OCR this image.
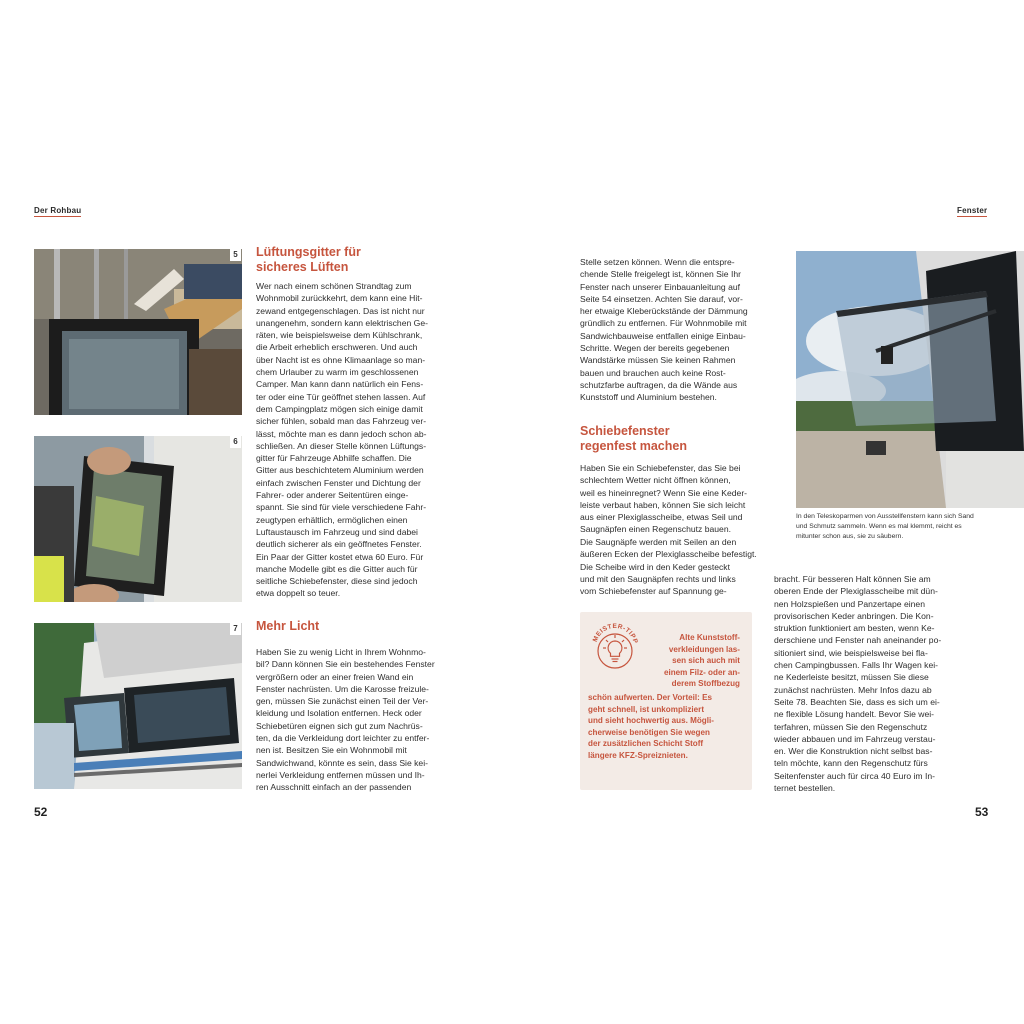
Der Rohbau
5
6
7

Lüftungsgitter für
sicheres Lüften

Wer nach einem schönen Strandtag zum
Wohnmobil zurückkehrt, dem kann eine Hit-
zewand entgegenschlagen. Das ist nicht nur
unangenehm, sondern kann elektrischen Ge-
räten, wie beispielsweise dem Kühlschrank,
die Arbeit erheblich erschweren. Und auch
über Nacht ist es ohne Klimaanlage so man-
chem Urlauber zu warm im geschlossenen
Camper. Man kann dann natürlich ein Fens-
ter oder eine Tür geöffnet stehen lassen. Auf
dem Campingplatz mögen sich einige damit
sicher fühlen, sobald man das Fahrzeug ver-
lässt, möchte man es dann jedoch schon ab-
schließen. An dieser Stelle können Lüftungs-
gitter für Fahrzeuge Abhilfe schaffen. Die
Gitter aus beschichtetem Aluminium werden
einfach zwischen Fenster und Dichtung der
Fahrer- oder anderer Seitentüren einge-
spannt. Sie sind für viele verschiedene Fahr-
zeugtypen erhältlich, ermöglichen einen
Luftaustausch im Fahrzeug und sind dabei
deutlich sicherer als ein geöffnetes Fenster.
Ein Paar der Gitter kostet etwa 60 Euro. Für
manche Modelle gibt es die Gitter auch für
seitliche Schiebefenster, diese sind jedoch
etwa doppelt so teuer.

Mehr Licht

Haben Sie zu wenig Licht in Ihrem Wohnmo-
bil? Dann können Sie ein bestehendes Fenster
vergrößern oder an einer freien Wand ein
Fenster nachrüsten. Um die Karosse freizule-
gen, müssen Sie zunächst einen Teil der Ver-
kleidung und Isolation entfernen. Heck oder
Schiebetüren eignen sich gut zum Nachrüs-
ten, da die Verkleidung dort leichter zu entfer-
nen ist. Besitzen Sie ein Wohnmobil mit
Sandwichwand, könnte es sein, dass Sie kei-
nerlei Verkleidung entfernen müssen und Ih-
ren Ausschnitt einfach an der passenden

52
Fenster

Stelle setzen können. Wenn die entspre-
chende Stelle freigelegt ist, können Sie Ihr
Fenster nach unserer Einbauanleitung auf
Seite 54 einsetzen. Achten Sie darauf, vor-
her etwaige Kleberückstände der Dämmung
gründlich zu entfernen. Für Wohnmobile mit
Sandwichbauweise entfallen einige Einbau-
Schritte. Wegen der bereits gegebenen
Wandstärke müssen Sie keinen Rahmen
bauen und brauchen auch keine Rost-
schutzfarbe auftragen, da die Wände aus
Kunststoff und Aluminium bestehen.

Schiebefenster
regenfest machen

Haben Sie ein Schiebefenster, das Sie bei
schlechtem Wetter nicht öffnen können,
weil es hineinregnet? Wenn Sie eine Keder-
leiste verbaut haben, können Sie sich leicht
aus einer Plexiglasscheibe, etwas Seil und
Saugnäpfen einen Regenschutz bauen.

Die Saugnäpfe werden mit Seilen an den
äußeren Ecken der Plexiglasscheibe befestigt.
Die Scheibe wird in den Keder gesteckt
und mit den Saugnäpfen rechts und links
vom Schiebefenster auf Spannung ge-

In den Teleskoparmen von Ausstellfenstern kann sich Sand
und Schmutz sammeln. Wenn es mal klemmt, reicht es
mitunter schon aus, sie zu säubern.

MEISTER-TIPP	Alte Kunststoff-
verkleidungen las-
sen sich auch mit
einem Filz- oder an-
derem Stoffbezug

schön aufwerten. Der Vorteil: Es
geht schnell, ist unkompliziert
und sieht hochwertig aus. Mögli-
cherweise benötigen Sie wegen
der zusätzlichen Schicht Stoff
längere KFZ-Spreiznieten.

bracht. Für besseren Halt können Sie am
oberen Ende der Plexiglasscheibe mit dün-
nen Holzspießen und Panzertape einen
provisorischen Keder anbringen. Die Kon-
struktion funktioniert am besten, wenn Ke-
derschiene und Fenster nah aneinander po-
sitioniert sind, wie beispielsweise bei fla-
chen Campingbussen. Falls Ihr Wagen kei-
ne Kederleiste besitzt, müssen Sie diese
zunächst nachrüsten. Mehr Infos dazu ab
Seite 78. Beachten Sie, dass es sich um ei-
ne flexible Lösung handelt. Bevor Sie wei-
terfahren, müssen Sie den Regenschutz
wieder abbauen und im Fahrzeug verstau-
en. Wer die Konstruktion nicht selbst bas-
teln möchte, kann den Regenschutz fürs
Seitenfenster auch für circa 40 Euro im In-
ternet bestellen.

53
